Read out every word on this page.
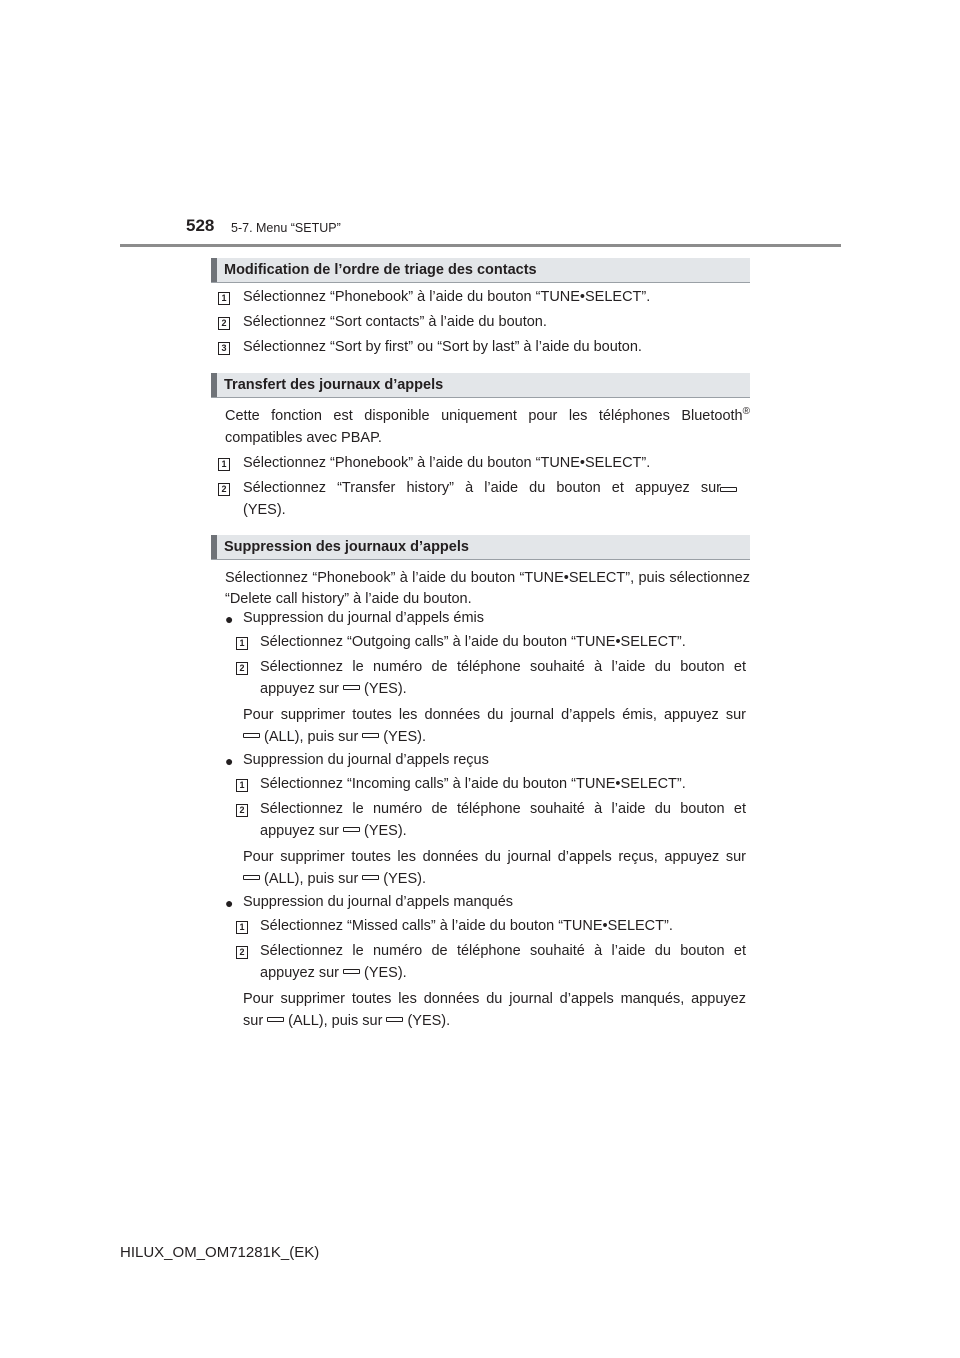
528 5-7. Menu “SETUP”
Modification de l’ordre de triage des contacts
1 Sélectionnez “Phonebook” à l’aide du bouton “TUNE•SELECT”.
2 Sélectionnez “Sort contacts” à l’aide du bouton.
3 Sélectionnez “Sort by first” ou “Sort by last” à l’aide du bouton.
Transfert des journaux d’appels
Cette fonction est disponible uniquement pour les téléphones Bluetooth®
compatibles avec PBAP.
1 Sélectionnez “Phonebook” à l’aide du bouton “TUNE•SELECT”.
2 Sélectionnez “Transfer history” à l’aide du bouton et appuyez sur
(YES).
Suppression des journaux d’appels
Sélectionnez “Phonebook” à l’aide du bouton “TUNE•SELECT”, puis sélectionnez “Delete call history” à l’aide du bouton.
● Suppression du journal d’appels émis
1 Sélectionnez “Outgoing calls” à l’aide du bouton “TUNE•SELECT”.
2 Sélectionnez le numéro de téléphone souhaité à l’aide du bouton et
appuyez sur (YES).
Pour supprimer toutes les données du journal d’appels émis, appuyez sur
(ALL), puis sur (YES).
● Suppression du journal d’appels reçus
1 Sélectionnez “Incoming calls” à l’aide du bouton “TUNE•SELECT”.
2 Sélectionnez le numéro de téléphone souhaité à l’aide du bouton et
appuyez sur (YES).
Pour supprimer toutes les données du journal d’appels reçus, appuyez sur
(ALL), puis sur (YES).
● Suppression du journal d’appels manqués
1 Sélectionnez “Missed calls” à l’aide du bouton “TUNE•SELECT”.
2 Sélectionnez le numéro de téléphone souhaité à l’aide du bouton et
appuyez sur (YES).
Pour supprimer toutes les données du journal d’appels manqués, appuyez
sur (ALL), puis sur (YES).
HILUX_OM_OM71281K_(EK)
